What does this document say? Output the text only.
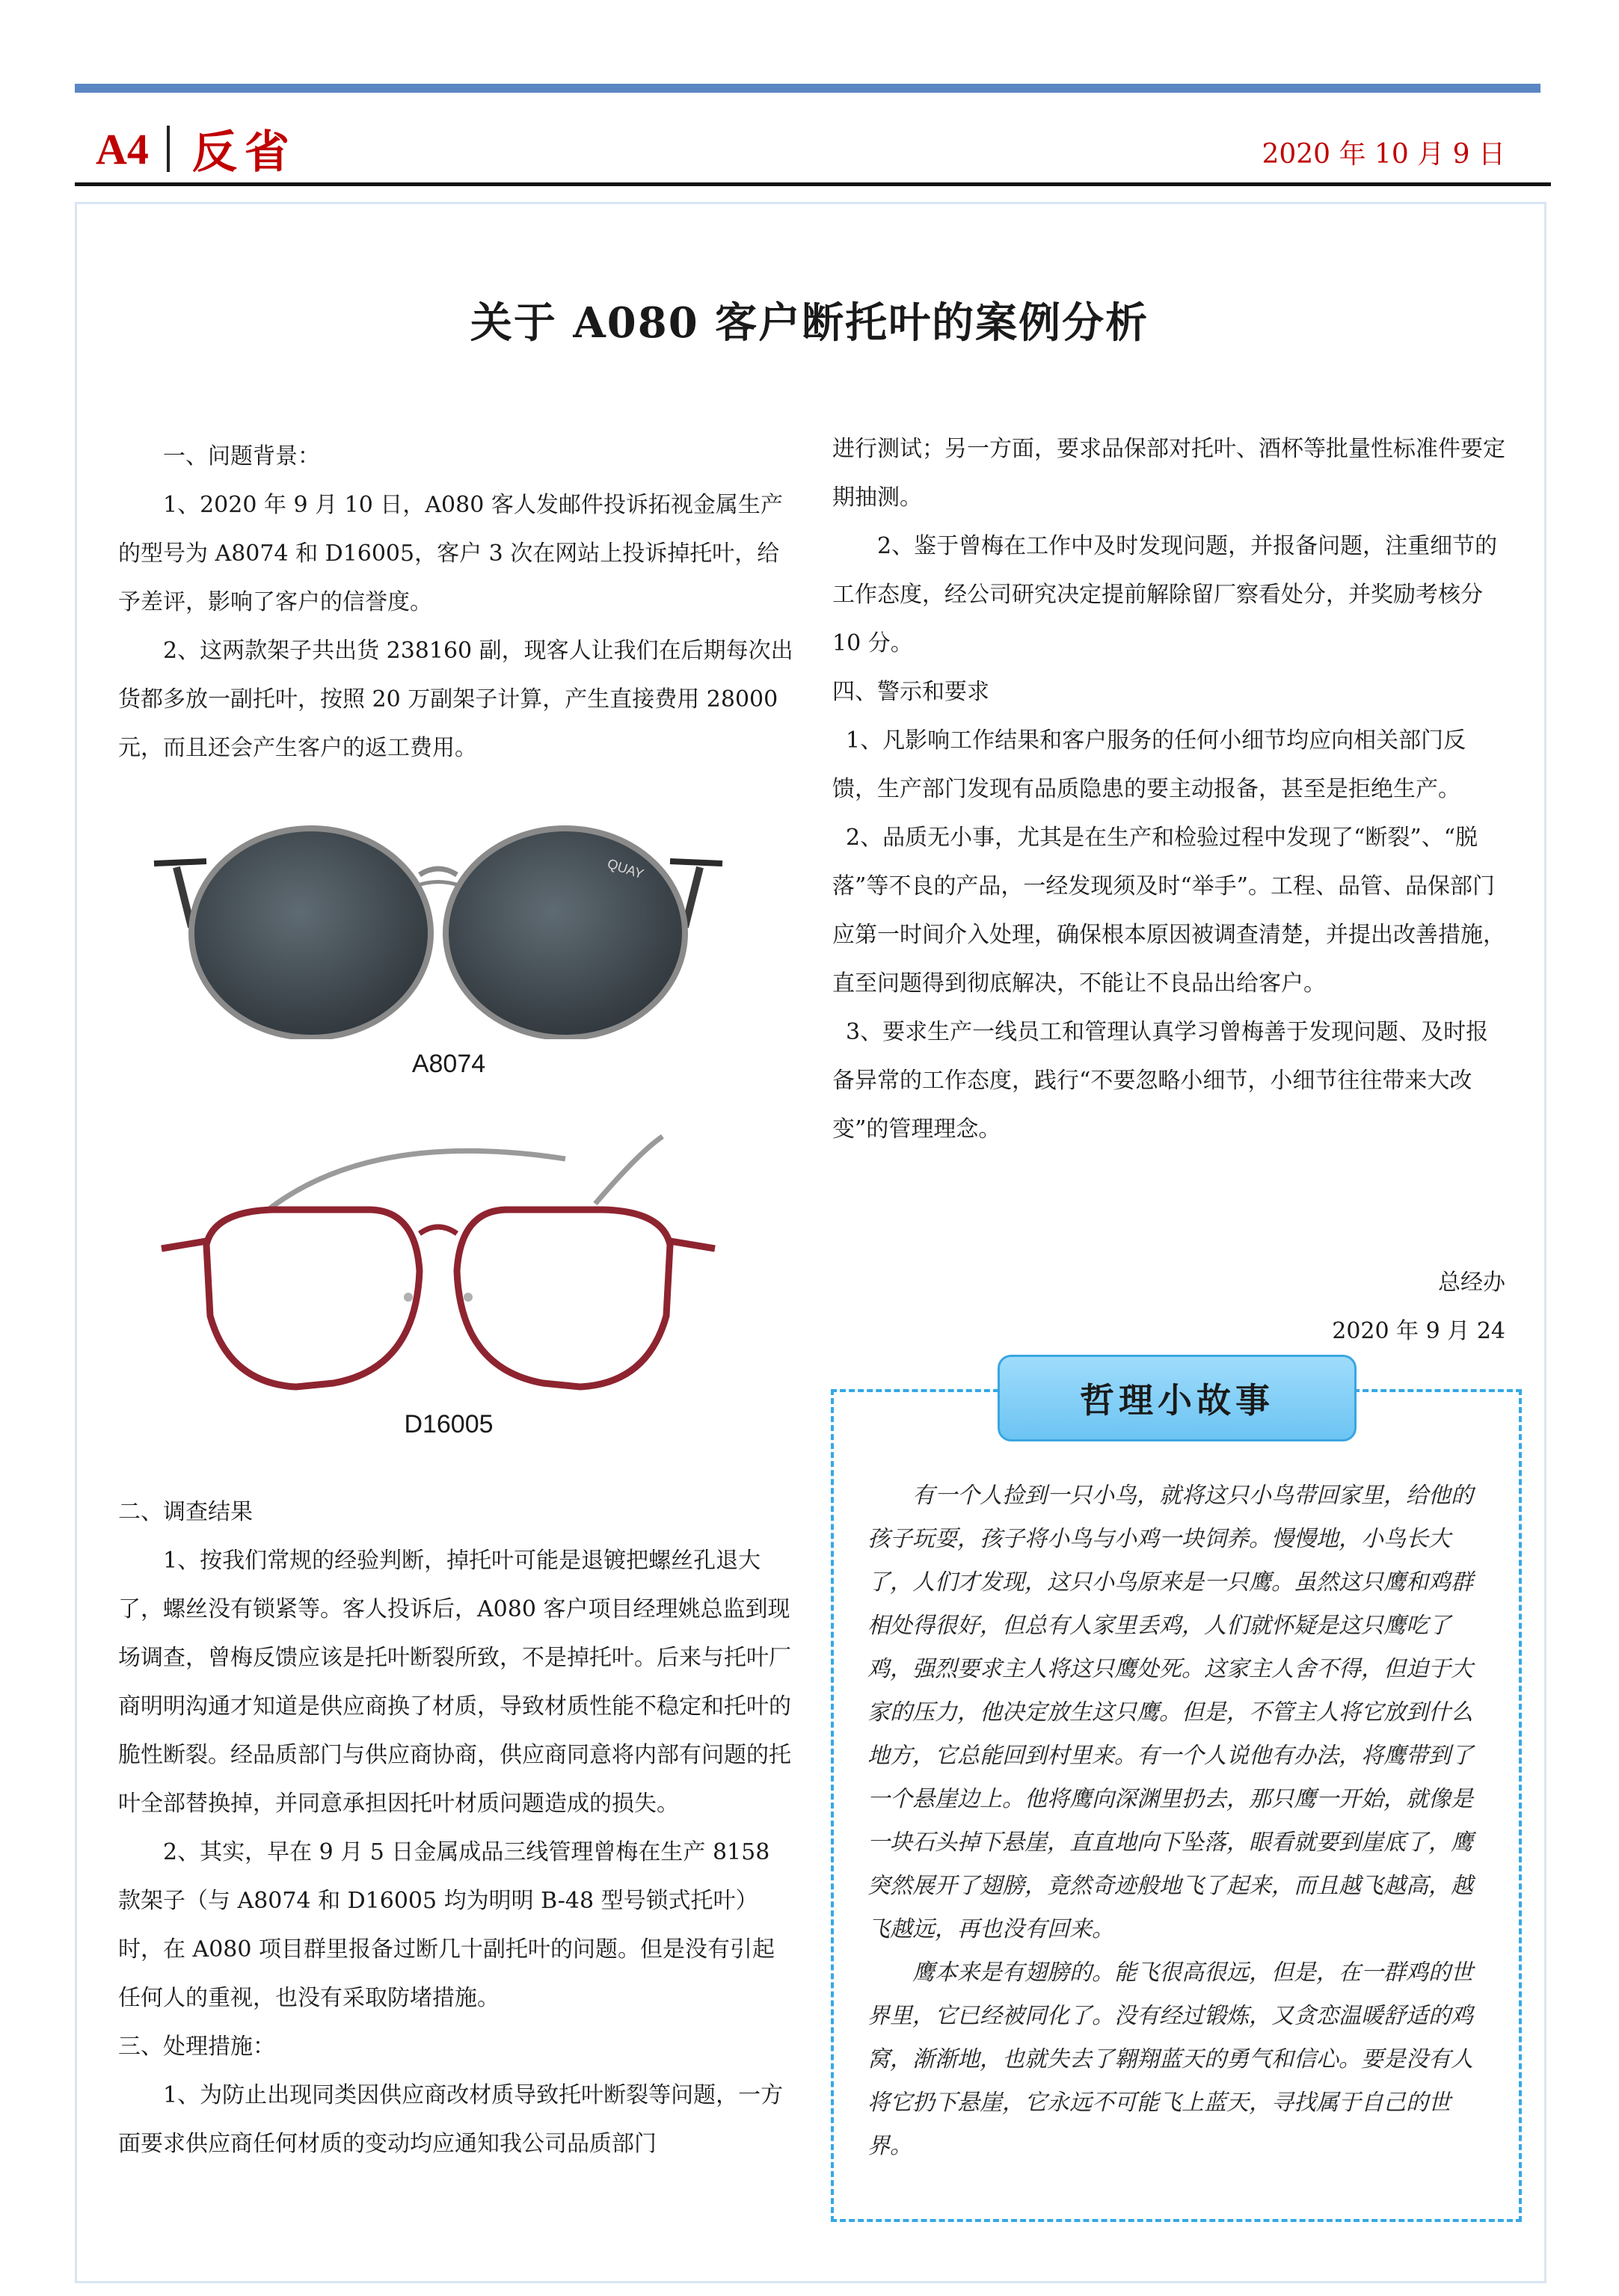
A4 反省	2020 年 10 月 9 日
关于 A080 客户断托叶的案例分析

一、问题背景：

1、2020 年 9 月 10 日，A080 客人发邮件投诉拓视金属生产的型号为 A8074 和 D16005，客户 3 次在网站上投诉掉托叶，给予差评，影响了客户的信誉度。

2、这两款架子共出货 238160 副，现客人让我们在后期每次出货都多放一副托叶，按照 20 万副架子计算，产生直接费用 28000 元，而且还会产生客户的返工费用。

QUAY
A8074
D16005

二、调查结果

1、按我们常规的经验判断，掉托叶可能是退镀把螺丝孔退大了，螺丝没有锁紧等。客人投诉后，A080 客户项目经理姚总监到现场调查，曾梅反馈应该是托叶断裂所致，不是掉托叶。后来与托叶厂商明明沟通才知道是供应商换了材质，导致材质性能不稳定和托叶的脆性断裂。经品质部门与供应商协商，供应商同意将内部有问题的托叶全部替换掉，并同意承担因托叶材质问题造成的损失。

2、其实，早在 9 月 5 日金属成品三线管理曾梅在生产 8158 款架子（与 A8074 和 D16005 均为明明 B-48 型号锁式托叶）时，在 A080 项目群里报备过断几十副托叶的问题。但是没有引起任何人的重视，也没有采取防堵措施。

三、处理措施：

1、为防止出现同类因供应商改材质导致托叶断裂等问题，一方面要求供应商任何材质的变动均应通知我公司品质部门

进行测试；另一方面，要求品保部对托叶、酒杯等批量性标准件要定期抽测。

2、鉴于曾梅在工作中及时发现问题，并报备问题，注重细节的工作态度，经公司研究决定提前解除留厂察看处分，并奖励考核分 10 分。

四、警示和要求

1、凡影响工作结果和客户服务的任何小细节均应向相关部门反馈，生产部门发现有品质隐患的要主动报备，甚至是拒绝生产。

2、品质无小事，尤其是在生产和检验过程中发现了“断裂”、“脱落”等不良的产品，一经发现须及时“举手”。工程、品管、品保部门应第一时间介入处理，确保根本原因被调查清楚，并提出改善措施，直至问题得到彻底解决，不能让不良品出给客户。

3、要求生产一线员工和管理认真学习曾梅善于发现问题、及时报备异常的工作态度，践行“不要忽略小细节，小细节往往带来大改变”的管理理念。

总经办
2020 年 9 月 24
哲理小故事

有一个人捡到一只小鸟，就将这只小鸟带回家里，给他的孩子玩耍，孩子将小鸟与小鸡一块饲养。慢慢地，小鸟长大了，人们才发现，这只小鸟原来是一只鹰。虽然这只鹰和鸡群相处得很好，但总有人家里丢鸡，人们就怀疑是这只鹰吃了鸡，强烈要求主人将这只鹰处死。这家主人舍不得，但迫于大家的压力，他决定放生这只鹰。但是，不管主人将它放到什么地方，它总能回到村里来。有一个人说他有办法，将鹰带到了一个悬崖边上。他将鹰向深渊里扔去，那只鹰一开始，就像是一块石头掉下悬崖，直直地向下坠落，眼看就要到崖底了，鹰突然展开了翅膀，竟然奇迹般地飞了起来，而且越飞越高，越飞越远，再也没有回来。

鹰本来是有翅膀的。能飞很高很远，但是，在一群鸡的世界里，它已经被同化了。没有经过锻炼，又贪恋温暖舒适的鸡窝，渐渐地，也就失去了翱翔蓝天的勇气和信心。要是没有人将它扔下悬崖，它永远不可能飞上蓝天，寻找属于自己的世界。
